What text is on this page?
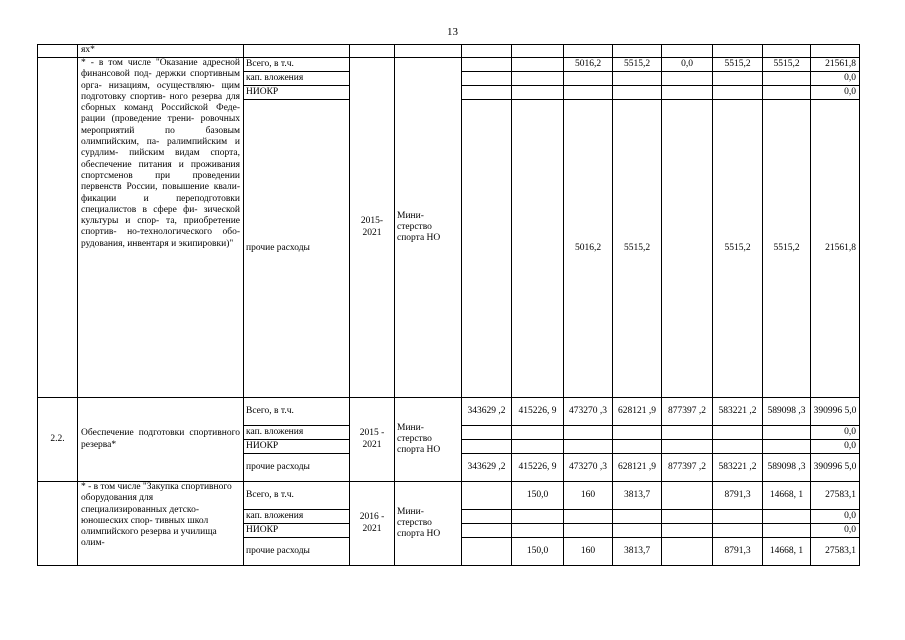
13
	ях*											
	* - в том числе "Оказание адресной финансовой под- держки спортивным орга- низациям, осуществляю- щим подготовку спортив- ного резерва для сборных команд Российской Феде- рации (проведение трени- ровочных мероприятий по базовым олимпийским, па- ралимпийским и сурдлим- пийским видам спорта, обеспечение питания и проживания спортсменов при проведении первенств России, повышение квали- фикации и переподготовки специалистов в сфере фи- зической культуры и спор- та, приобретение спортив- но-технологического обо- рудования, инвентаря и экипировки)"	Всего, в т.ч.	2015- 2021	Мини- стерство спорта НО			5016,2	5515,2	0,0	5515,2	5515,2	21561,8
		кап. вложения										0,0
		НИОКР										0,0
		прочие расходы					5016,2	5515,2		5515,2	5515,2	21561,8
2.2.	Обеспечение подготовки спортивного резерва*	Всего, в т.ч.	2015 - 2021	Мини- стерство спорта НО	343629 ,2	415226, 9	473270 ,3	628121 ,9	877397 ,2	583221 ,2	589098 ,3	390996 5,0
		кап. вложения										0,0
		НИОКР										0,0
		прочие расходы			343629 ,2	415226, 9	473270 ,3	628121 ,9	877397 ,2	583221 ,2	589098 ,3	390996 5,0
	* - в том числе "Закупка спортивного оборудования для специализированных детско-юношеских спор- тивных школ олимпийского резерва и училища олим-	Всего, в т.ч.	2016 - 2021	Мини- стерство спорта НО		150,0	160	3813,7		8791,3	14668, 1	27583,1
		кап. вложения										0,0
		НИОКР										0,0
		прочие расходы				150,0	160	3813,7		8791,3	14668, 1	27583,1
